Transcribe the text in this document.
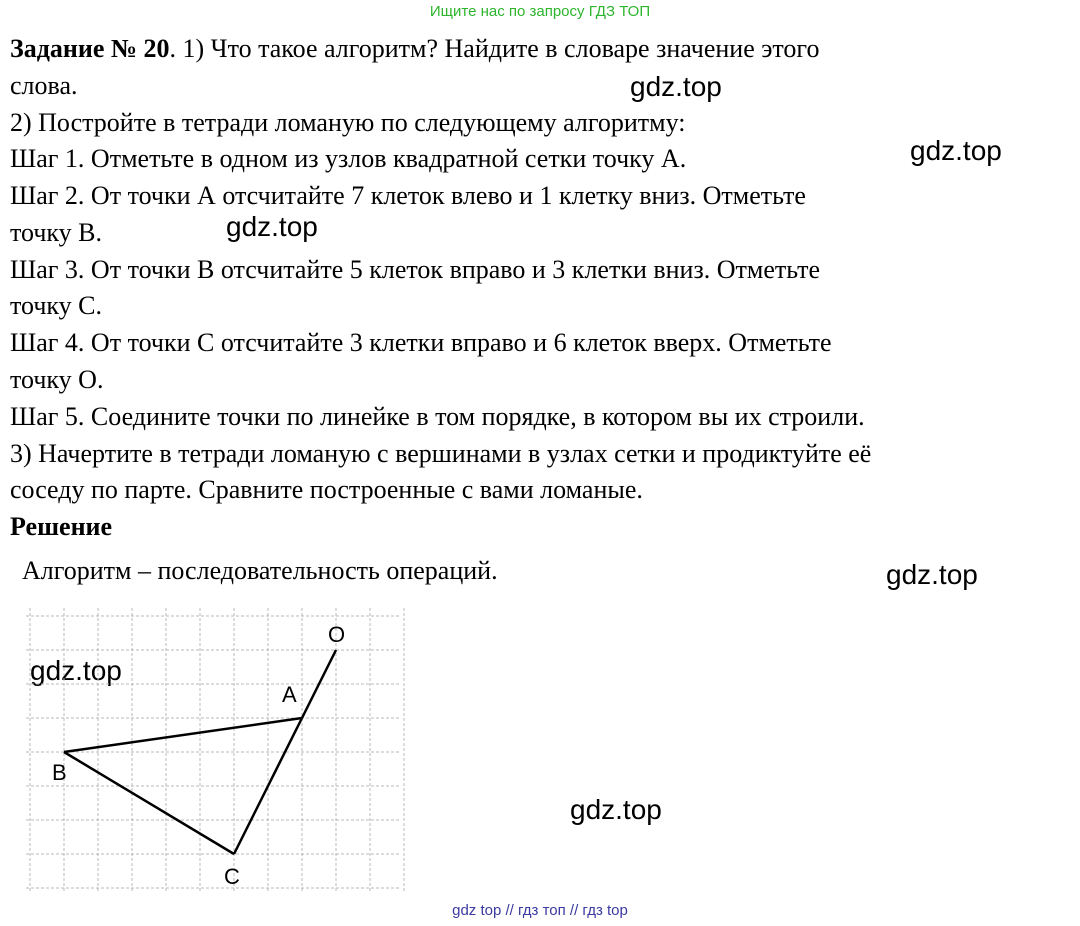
Ищите нас по запросу ГДЗ ТОП
Задание № 20. 1) Что такое алгоритм? Найдите в словаре значение этого
слова.
2) Постройте в тетради ломаную по следующему алгоритму:
Шаг 1. Отметьте в одном из узлов квадратной сетки точку А.
Шаг 2. От точки А отсчитайте 7 клеток влево и 1 клетку вниз. Отметьте
точку В.
Шаг 3. От точки В отсчитайте 5 клеток вправо и 3 клетки вниз. Отметьте
точку С.
Шаг 4. От точки С отсчитайте 3 клетки вправо и 6 клеток вверх. Отметьте
точку О.
Шаг 5. Соедините точки по линейке в том порядке, в котором вы их строили.
3) Начертите в тетради ломаную с вершинами в узлах сетки и продиктуйте её
соседу по парте. Сравните построенные с вами ломаные.
Решение
Алгоритм – последовательность операций.
gdz.top
gdz.top
gdz.top
gdz.top
gdz.top
gdz.top
A
B
C
O
gdz top // гдз топ // гдз top
